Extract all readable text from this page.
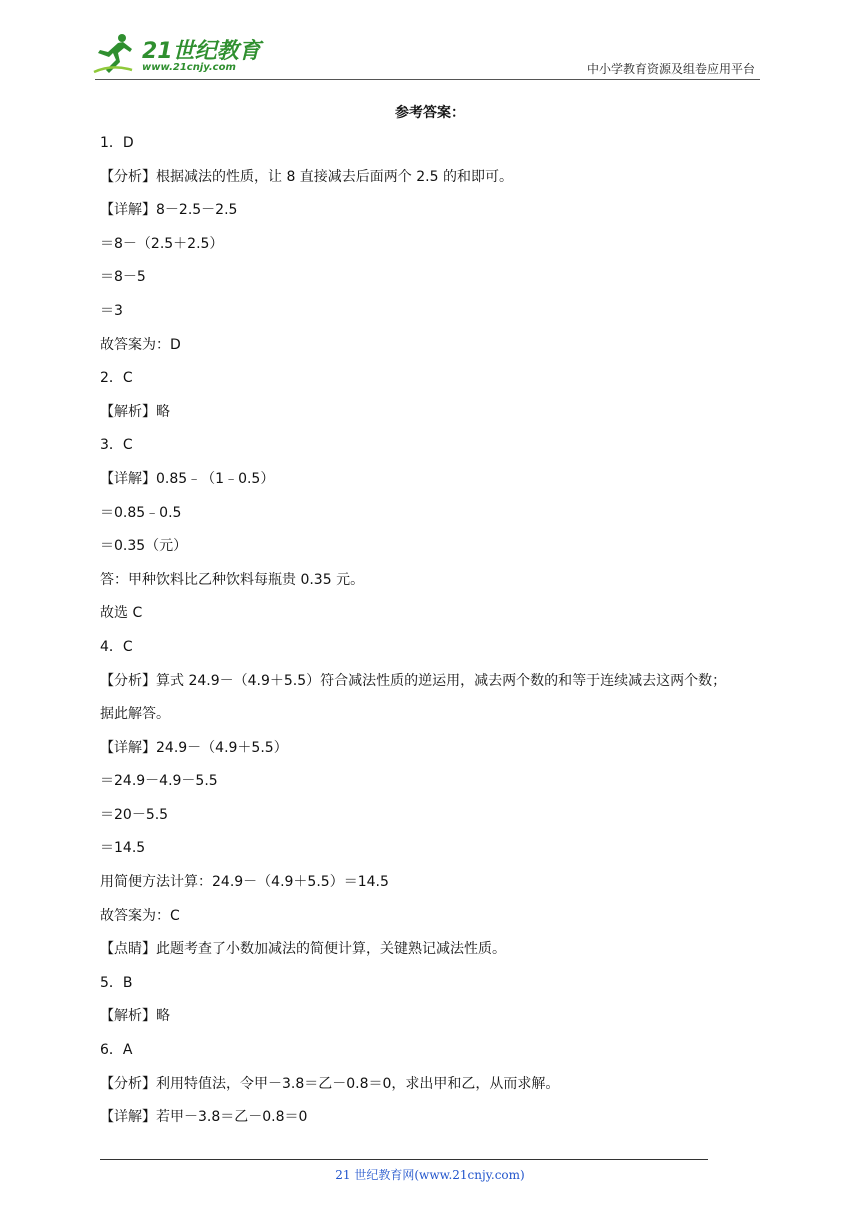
21世纪教育
www.21cnjy.com	中小学教育资源及组卷应用平台
参考答案：
1．D
【分析】根据减法的性质，让 8 直接减去后面两个 2.5 的和即可。
【详解】8－2.5－2.5
＝8－（2.5＋2.5）
＝8－5
＝3
故答案为：D
2．C
【解析】略
3．C
【详解】0.85﹣（1﹣0.5）
＝0.85﹣0.5
＝0.35（元）
答：甲种饮料比乙种饮料每瓶贵 0.35 元。
故选 C
4．C
【分析】算式 24.9－（4.9＋5.5）符合减法性质的逆运用，减去两个数的和等于连续减去这两个数；
据此解答。
【详解】24.9－（4.9＋5.5）
＝24.9－4.9－5.5
＝20－5.5
＝14.5
用简便方法计算：24.9－（4.9＋5.5）＝14.5
故答案为：C
【点睛】此题考查了小数加减法的简便计算，关键熟记减法性质。
5．B
【解析】略
6．A
【分析】利用特值法，令甲－3.8＝乙－0.8＝0，求出甲和乙，从而求解。
【详解】若甲－3.8＝乙－0.8＝0
21 世纪教育网(www.21cnjy.com)
